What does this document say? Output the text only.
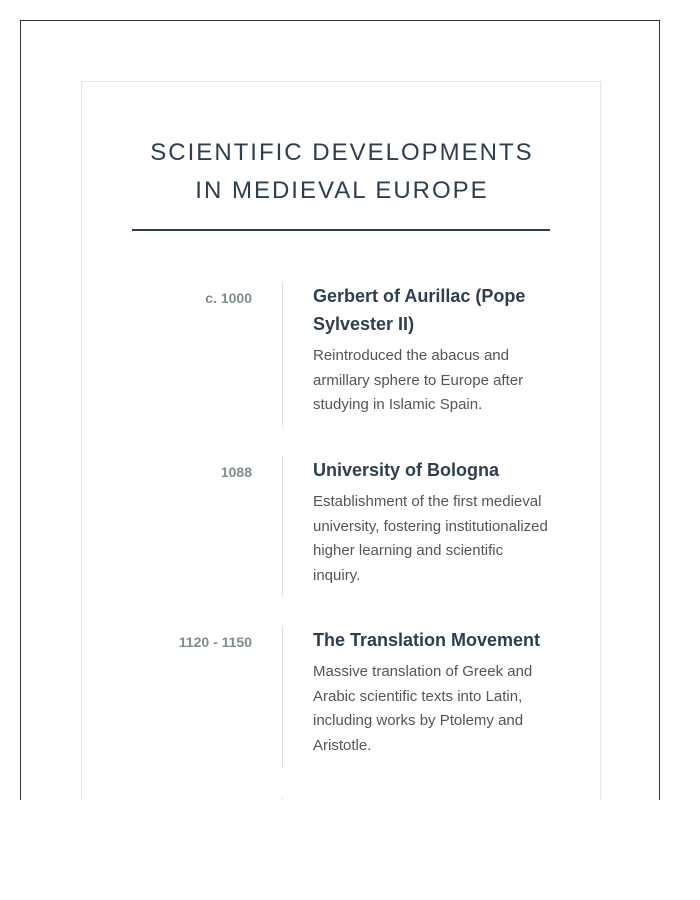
SCIENTIFIC DEVELOPMENTS
IN MEDIEVAL EUROPE
c. 1000	Gerbert of Aurillac (Pope Sylvester II)

Reintroduced the abacus and armillary sphere to Europe after studying in Islamic Spain.

1088	University of Bologna

Establishment of the first medieval university, fostering institutionalized higher learning and scientific inquiry.

1120 - 1150	The Translation Movement

Massive translation of Greek and Arabic scientific texts into Latin, including works by Ptolemy and Aristotle.
